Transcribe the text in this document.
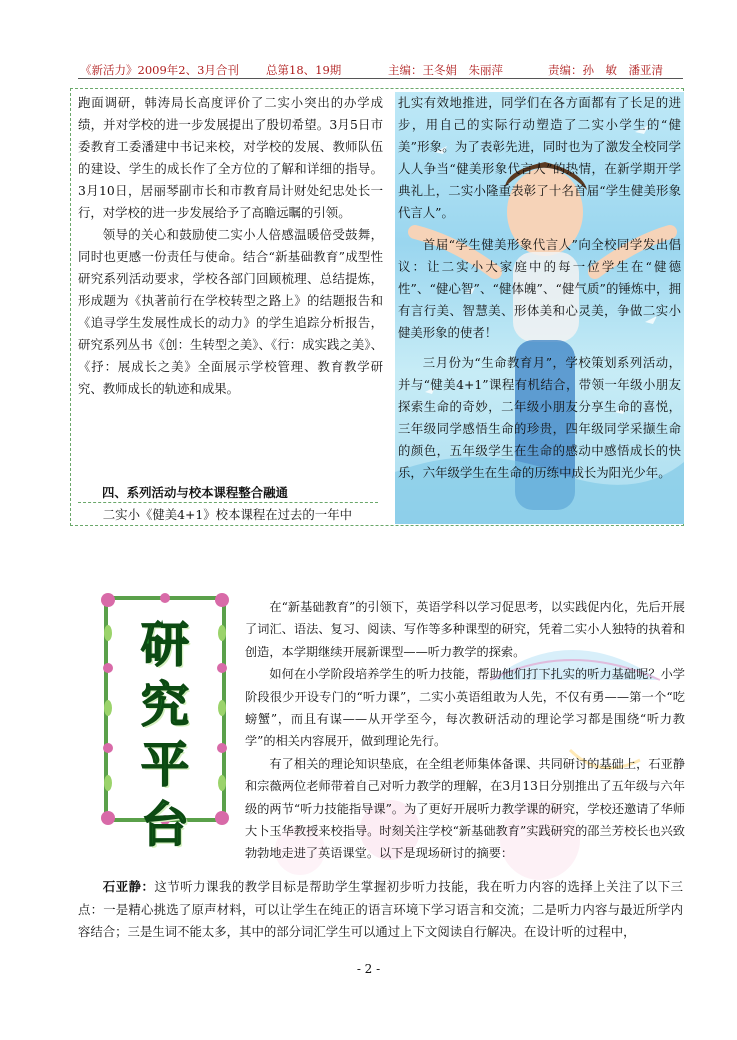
《新活力》2009年2、3月合刊 总第18、19期	主编：王冬娟　朱丽萍	责编：孙　敏　潘亚清

跑面调研，韩涛局长高度评价了二实小突出的办学成绩，并对学校的进一步发展提出了殷切希望。3月5日市委教育工委潘建中书记来校，对学校的发展、教师队伍的建设、学生的成长作了全方位的了解和详细的指导。3月10日，居丽琴副市长和市教育局计财处纪忠处长一行，对学校的进一步发展给予了高瞻远瞩的引领。

领导的关心和鼓励使二实小人倍感温暖倍受鼓舞，同时也更感一份责任与使命。结合“新基础教育”成型性研究系列活动要求，学校各部门回顾梳理、总结提炼，形成题为《执著前行在学校转型之路上》的结题报告和《追寻学生发展性成长的动力》的学生追踪分析报告，研究系列丛书《创：生转型之美》、《行：成实践之美》、《抒：展成长之美》全面展示学校管理、教育教学研究、教师成长的轨迹和成果。

四、系列活动与校本课程整合融通
二实小《健美4+1》校本课程在过去的一年中

扎实有效地推进，同学们在各方面都有了长足的进步，用自己的实际行动塑造了二实小学生的“健美”形象。为了表彰先进，同时也为了激发全校同学人人争当“健美形象代言人”的热情，在新学期开学典礼上，二实小隆重表彰了十名首届“学生健美形象代言人”。

首届“学生健美形象代言人”向全校同学发出倡议：让二实小大家庭中的每一位学生在“健德性”、“健心智”、“健体魄”、“健气质”的锤炼中，拥有言行美、智慧美、形体美和心灵美，争做二实小健美形象的使者！

三月份为“生命教育月”，学校策划系列活动，并与“健美4+1”课程有机结合，带领一年级小朋友探索生命的奇妙，二年级小朋友分享生命的喜悦，三年级同学感悟生命的珍贵，四年级同学采撷生命的颜色，五年级学生在生命的感动中感悟成长的快乐，六年级学生在生命的历练中成长为阳光少年。

研
究
平
台

在“新基础教育”的引领下，英语学科以学习促思考，以实践促内化，先后开展了词汇、语法、复习、阅读、写作等多种课型的研究，凭着二实小人独特的执着和创造，本学期继续开展新课型——听力教学的探索。

如何在小学阶段培养学生的听力技能，帮助他们打下扎实的听力基础呢？小学阶段很少开设专门的“听力课”，二实小英语组敢为人先，不仅有勇——第一个“吃螃蟹”，而且有谋——从开学至今，每次教研活动的理论学习都是围绕“听力教学”的相关内容展开，做到理论先行。

有了相关的理论知识垫底，在全组老师集体备课、共同研讨的基础上，石亚静和宗薇两位老师带着自己对听力教学的理解，在3月13日分别推出了五年级与六年级的两节“听力技能指导课”。为了更好开展听力教学课的研究，学校还邀请了华师大卜玉华教授来校指导。时刻关注学校“新基础教育”实践研究的邵兰芳校长也兴致勃勃地走进了英语课堂。以下是现场研讨的摘要：

石亚静：这节听力课我的教学目标是帮助学生掌握初步听力技能，我在听力内容的选择上关注了以下三点：一是精心挑选了原声材料，可以让学生在纯正的语言环境下学习语言和交流；二是听力内容与最近所学内容结合；三是生词不能太多，其中的部分词汇学生可以通过上下文阅读自行解决。在设计听的过程中，

- 2 -
